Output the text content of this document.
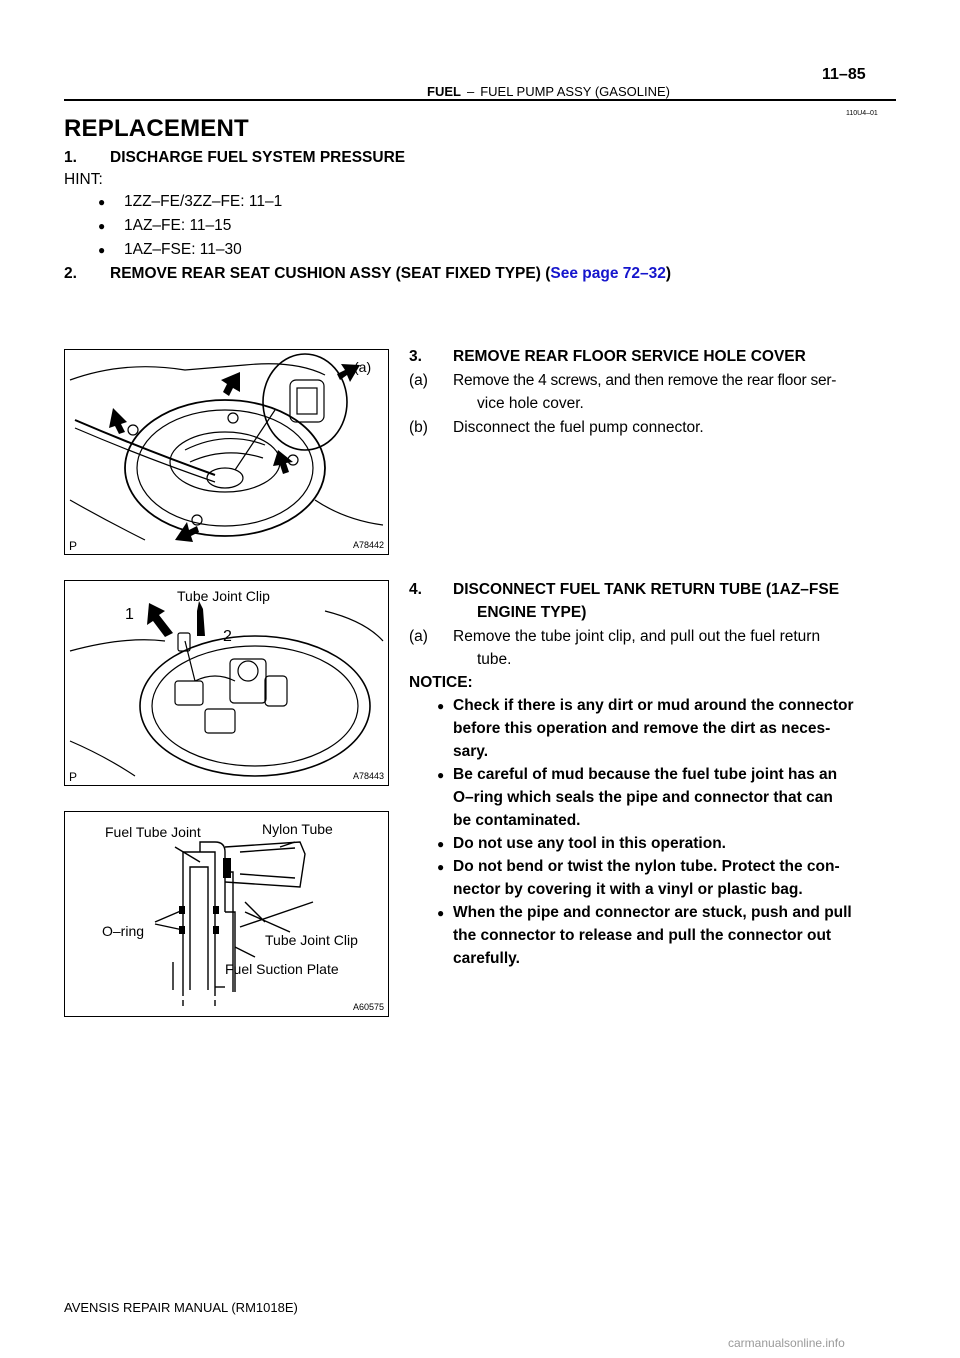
11–85
FUEL – FUEL PUMP ASSY (GASOLINE)
110U4–01
REPLACEMENT
1. DISCHARGE FUEL SYSTEM PRESSURE
HINT:
● 1ZZ–FE/3ZZ–FE: 11–1
● 1AZ–FE: 11–15
● 1AZ–FSE: 11–30
2. REMOVE REAR SEAT CUSHION ASSY (SEAT FIXED TYPE) (See page 72–32)
3. REMOVE REAR FLOOR SERVICE HOLE COVER
(a) Remove the 4 screws, and then remove the rear floor ser-
vice hole cover.
(b) Disconnect the fuel pump connector.
4. DISCONNECT FUEL TANK RETURN TUBE (1AZ–FSE
ENGINE TYPE)
(a) Remove the tube joint clip, and pull out the fuel return
tube.
NOTICE:
● Check if there is any dirt or mud around the connector
before this operation and remove the dirt as neces-
sary.
● Be careful of mud because the fuel tube joint has an
O–ring which seals the pipe and connector that can
be contaminated.
● Do not use any tool in this operation.
● Do not bend or twist the nylon tube. Protect the con-
nector by covering it with a vinyl or plastic bag.
● When the pipe and connector are stuck, push and pull
the connector to release and pull the connector out
carefully.
(a)
P	A78442
1
2
Tube Joint Clip
P	A78443
Fuel Tube Joint	Nylon Tube
O–ring
Tube Joint Clip
Fuel Suction Plate
A60575
AVENSIS REPAIR MANUAL (RM1018E)
carmanualsonline.info
